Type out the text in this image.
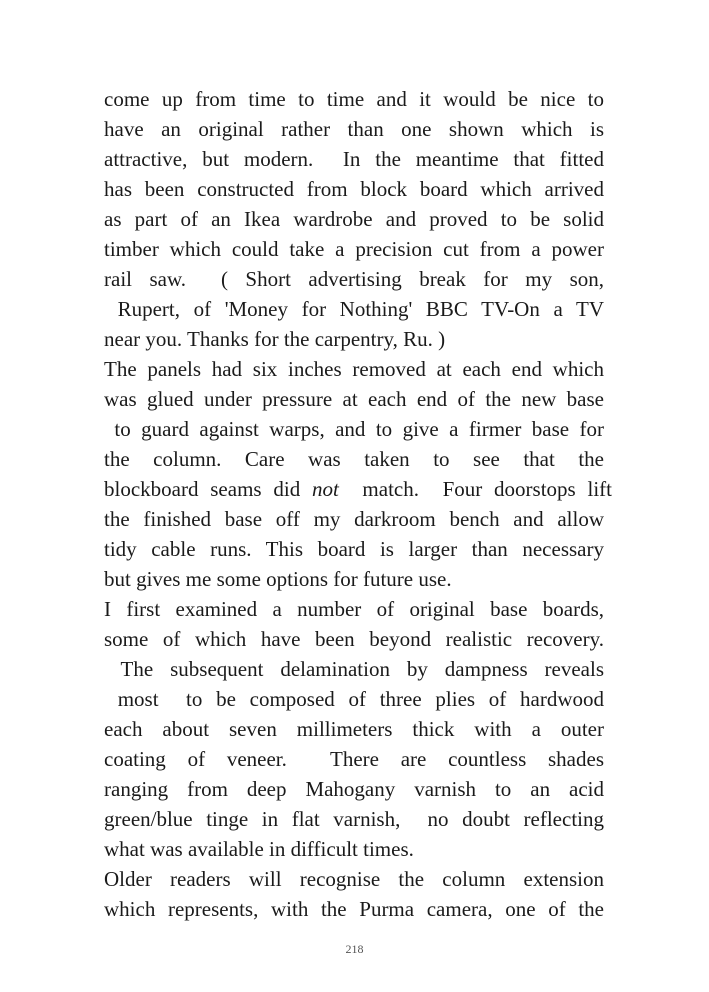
come up from time to time and it would be nice to
have an original rather than one shown which is
attractive, but modern.  In the meantime that fitted
has been constructed from block board which arrived
as part of an Ikea wardrobe and proved to be solid
timber which could take a precision cut from a power
rail saw.  ( Short advertising break for my son,
Rupert, of 'Money for Nothing' BBC TV-On a TV
near you. Thanks for the carpentry, Ru. )
The panels had six inches removed at each end which
was glued under pressure at each end of the new base
to guard against warps, and to give a firmer base for
the  column.  Care  was  taken  to  see  that  the
blockboard seams did not  match.  Four doorstops lift
the finished base off my darkroom bench and allow
tidy cable runs. This board is larger than necessary
but gives me some options for future use.
I first examined a number of original base boards,
some of which have been beyond realistic recovery.
The subsequent delamination by dampness reveals
most  to be composed of three plies of hardwood
each about seven millimeters thick with a outer
coating of veneer.  There are countless shades
ranging from deep Mahogany varnish to an acid
green/blue tinge in flat varnish,  no doubt reflecting
what was available in difficult times.
Older readers will recognise the column extension
which represents, with the Purma camera, one of the
218
